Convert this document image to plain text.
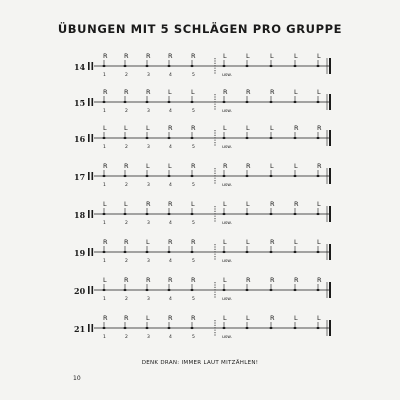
ÜBUNGEN MIT 5 SCHLÄGEN PRO GRUPPE
14
R	R	R	R	R	L	L	L	L	L
1	2	3	4	5	usw.
15
R	R	R	L	L	R	R	R	L	L
1	2	3	4	5	usw.
16
L	L	L	R	R	L	L	L	R	R
1	2	3	4	5	usw.
17
R	R	L	L	R	R	R	L	L	R
1	2	3	4	5	usw.
18
L	L	R	R	L	L	L	R	R	L
1	2	3	4	5	usw.
19
R	R	L	R	R	L	L	R	L	L
1	2	3	4	5	usw.
20
L	R	R	R	R	L	R	R	R	R
1	2	3	4	5	usw.
21
R	R	L	R	R	L	L	R	L	L
1	2	3	4	5	usw.
DENK DRAN: IMMER LAUT MITZÄHLEN!
10
